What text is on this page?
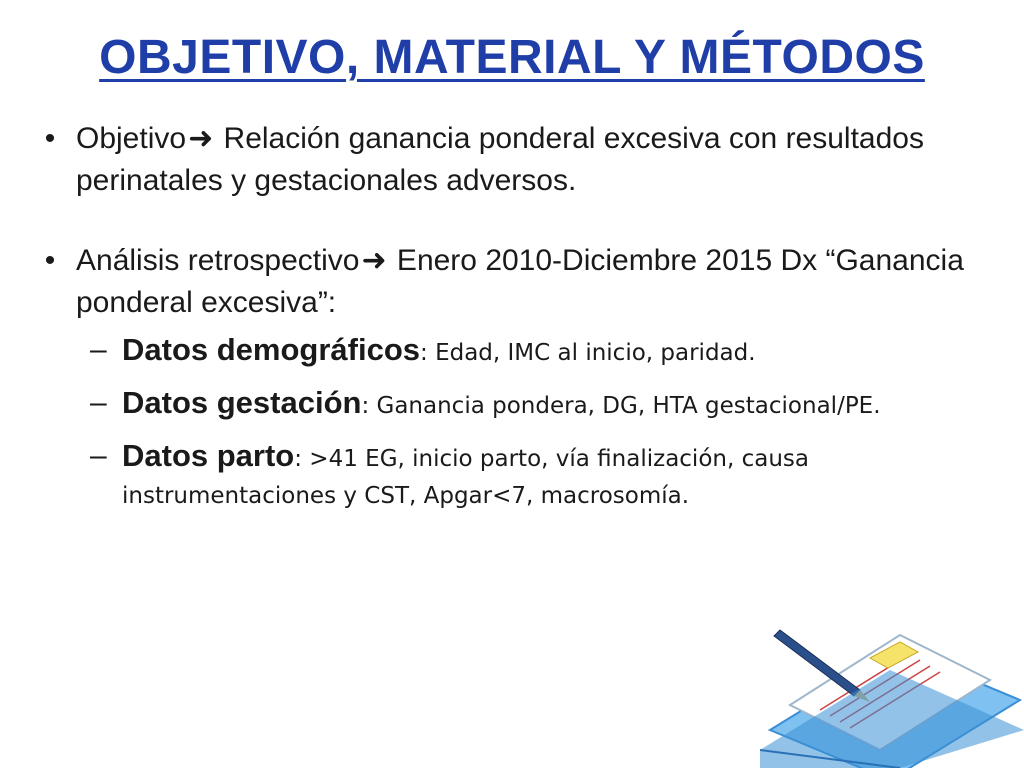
OBJETIVO, MATERIAL Y MÉTODOS
• Objetivo➜ Relación ganancia ponderal excesiva con resultados perinatales y gestacionales adversos.
• Análisis retrospectivo➜ Enero 2010-Diciembre 2015 Dx “Ganancia ponderal excesiva”:
– Datos demográficos: Edad, IMC al inicio, paridad.
– Datos gestación: Ganancia pondera, DG, HTA gestacional/PE.
– Datos parto: >41 EG, inicio parto, vía finalización, causa instrumentaciones y CST, Apgar<7, macrosomía.
